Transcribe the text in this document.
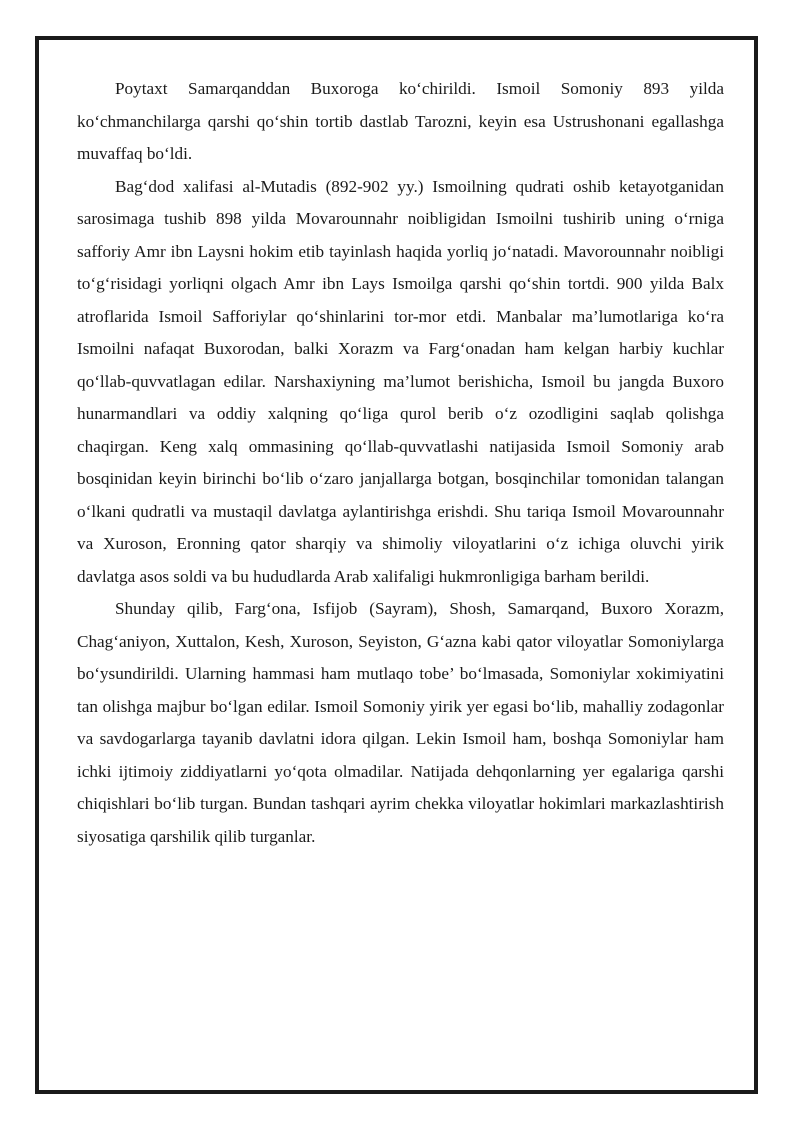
Poytaxt Samarqanddan Buxoroga ko‘chirildi. Ismoil Somoniy 893 yilda ko‘chmanchilarga qarshi qo‘shin tortib dastlab Tarozni, keyin esa Ustrushonani egallashga muvaffaq bo‘ldi.

Bag‘dod xalifasi al-Mutadis (892-902 yy.) Ismoilning qudrati oshib ketayotganidan sarosimaga tushib 898 yilda Movarounnahr noibligidan Ismoilni tushirib uning o‘rniga safforiy Amr ibn Laysni hokim etib tayinlash haqida yorliq jo‘natadi. Mavorounnahr noibligi to‘g‘risidagi yorliqni olgach Amr ibn Lays Ismoilga qarshi qo‘shin tortdi. 900 yilda Balx atroflarida Ismoil Safforiylar qo‘shinlarini tor-mor etdi. Manbalar ma’lumotlariga ko‘ra Ismoilni nafaqat Buxorodan, balki Xorazm va Farg‘onadan ham kelgan harbiy kuchlar qo‘llab-quvvatlagan edilar. Narshaxiyning ma’lumot berishicha, Ismoil bu jangda Buxoro hunarmandlari va oddiy xalqning qo‘liga qurol berib o‘z ozodligini saqlab qolishga chaqirgan. Keng xalq ommasining qo‘llab-quvvatlashi natijasida Ismoil Somoniy arab bosqinidan keyin birinchi bo‘lib o‘zaro janjallarga botgan, bosqinchilar tomonidan talangan o‘lkani qudratli va mustaqil davlatga aylantirishga erishdi. Shu tariqa Ismoil Movarounnahr va Xuroson, Eronning qator sharqiy va shimoliy viloyatlarini o‘z ichiga oluvchi yirik davlatga asos soldi va bu hududlarda Arab xalifaligi hukmronligiga barham berildi.

Shunday qilib, Farg‘ona, Isfijob (Sayram), Shosh, Samarqand, Buxoro Xorazm, Chag‘aniyon, Xuttalon, Kesh, Xuroson, Seyiston, G‘azna kabi qator viloyatlar Somoniylarga bo‘ysundirildi. Ularning hammasi ham mutlaqo tobe’ bo‘lmasada, Somoniylar xokimiyatini tan olishga majbur bo‘lgan edilar. Ismoil Somoniy yirik yer egasi bo‘lib, mahalliy zodagonlar va savdogarlarga tayanib davlatni idora qilgan. Lekin Ismoil ham, boshqa Somoniylar ham ichki ijtimoiy ziddiyatlarni yo‘qota olmadilar. Natijada dehqonlarning yer egalariga qarshi chiqishlari bo‘lib turgan. Bundan tashqari ayrim chekka viloyatlar hokimlari markazlashtirish siyosatiga qarshilik qilib turganlar.
